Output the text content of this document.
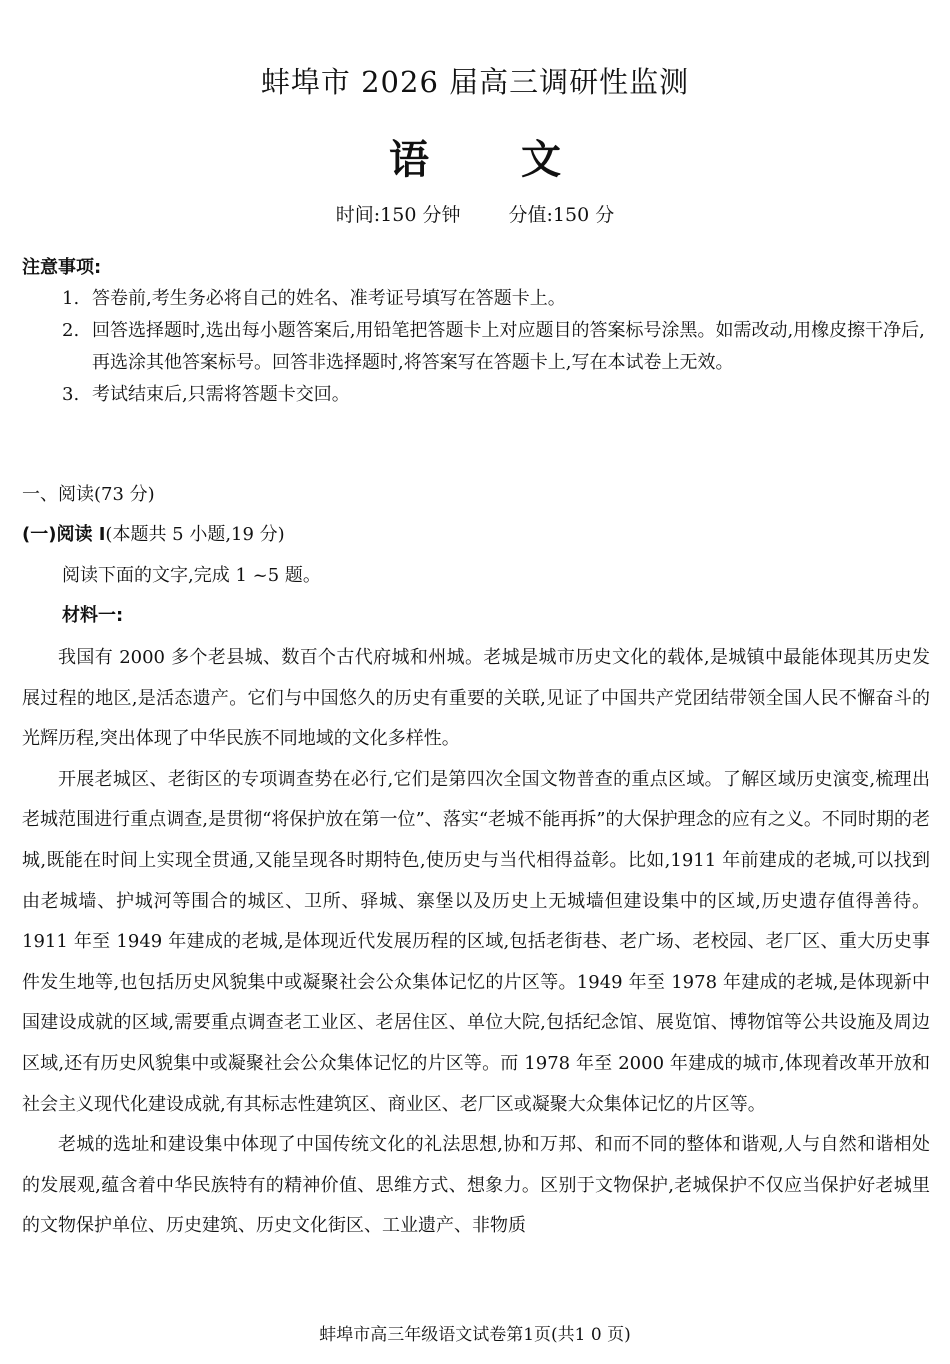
蚌埠市 2026 届高三调研性监测
语 文
时间:150 分钟	分值:150 分
注意事项:
1. 答卷前,考生务必将自己的姓名、准考证号填写在答题卡上。
2. 回答选择题时,选出每小题答案后,用铅笔把答题卡上对应题目的答案标号涂黑。如需改动,用橡皮擦干净后,再选涂其他答案标号。回答非选择题时,将答案写在答题卡上,写在本试卷上无效。
3. 考试结束后,只需将答题卡交回。
一、阅读(73 分)
(一)阅读 I(本题共 5 小题,19 分)
阅读下面的文字,完成 1 ~5 题。
材料一:

我国有 2000 多个老县城、数百个古代府城和州城。老城是城市历史文化的载体,是城镇中最能体现其历史发展过程的地区,是活态遗产。它们与中国悠久的历史有重要的关联,见证了中国共产党团结带领全国人民不懈奋斗的光辉历程,突出体现了中华民族不同地域的文化多样性。

开展老城区、老街区的专项调查势在必行,它们是第四次全国文物普查的重点区域。了解区域历史演变,梳理出老城范围进行重点调查,是贯彻“将保护放在第一位”、落实“老城不能再拆”的大保护理念的应有之义。不同时期的老城,既能在时间上实现全贯通,又能呈现各时期特色,使历史与当代相得益彰。比如,1911 年前建成的老城,可以找到由老城墙、护城河等围合的城区、卫所、驿城、寨堡以及历史上无城墙但建设集中的区域,历史遗存值得善待。1911 年至 1949 年建成的老城,是体现近代发展历程的区域,包括老街巷、老广场、老校园、老厂区、重大历史事件发生地等,也包括历史风貌集中或凝聚社会公众集体记忆的片区等。1949 年至 1978 年建成的老城,是体现新中国建设成就的区域,需要重点调查老工业区、老居住区、单位大院,包括纪念馆、展览馆、博物馆等公共设施及周边区域,还有历史风貌集中或凝聚社会公众集体记忆的片区等。而 1978 年至 2000 年建成的城市,体现着改革开放和社会主义现代化建设成就,有其标志性建筑区、商业区、老厂区或凝聚大众集体记忆的片区等。

老城的选址和建设集中体现了中国传统文化的礼法思想,协和万邦、和而不同的整体和谐观,人与自然和谐相处的发展观,蕴含着中华民族特有的精神价值、思维方式、想象力。区别于文物保护,老城保护不仅应当保护好老城里的文物保护单位、历史建筑、历史文化街区、工业遗产、非物质

蚌埠市高三年级语文试卷第1页(共1 0 页)
